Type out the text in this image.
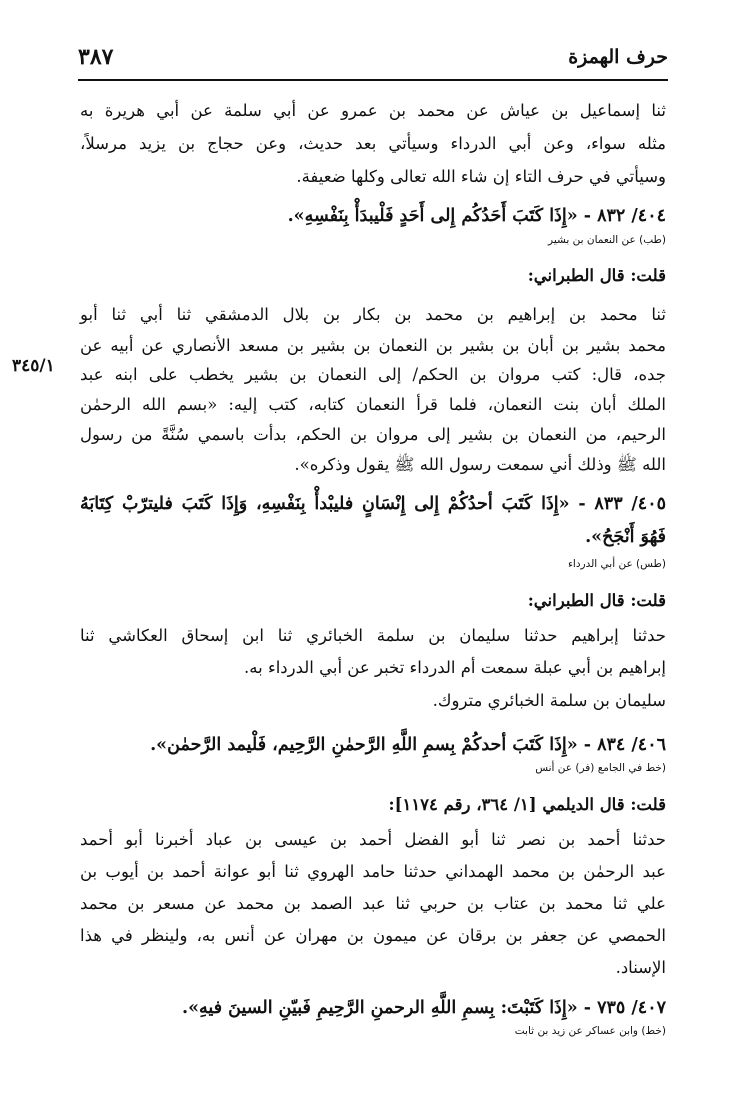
حرف الهمزة
٣٨٧
٣٤٥/١
ثنا إسماعيل بن عياش عن محمد بن عمرو عن أبي سلمة عن أبي هريرة به
مثله سواء، وعن أبي الدرداء وسيأتي بعد حديث، وعن حجاج بن يزيد مرسلاً،
وسيأتي في حرف التاء إن شاء الله تعالى وكلها ضعيفة.
٤٠٤/ ٨٣٢ - «إِذَا كَتَبَ أَحَدُكُم إِلى أَحَدٍ فَلْيبدَأْ بِنَفْسِهِ».
(طب) عن النعمان بن بشير
قلت: قال الطبراني:
ثنا محمد بن إبراهيم بن محمد بن بكار بن بلال الدمشقي ثنا أبي ثنا أبو
محمد بشير بن أبان بن بشير بن النعمان بن بشير بن مسعد الأنصاري عن أبيه عن
جده، قال: كتب مروان بن الحكم/ إلى النعمان بن بشير يخطب على ابنه عبد
الملك أبان بنت النعمان، فلما قرأ النعمان كتابه، كتب إليه: «بسم الله الرحمٰن
الرحيم، من النعمان بن بشير إلى مروان بن الحكم، بدأت باسمي سُنَّةً من رسول
الله ﷺ وذلك أني سمعت رسول الله ﷺ يقول وذكره».
٤٠٥/ ٨٣٣ - «إِذَا كَتَبَ أحدُكُمْ إِلى إِنْسَانٍ فليبْدأْ بِنَفْسِهِ، وَإِذَا كَتَبَ فليترّبْ كِتَابَهُ
فَهُوَ أَنْجَحُ».
(طس) عن أبي الدرداء
قلت: قال الطبراني:
حدثنا إبراهيم حدثنا سليمان بن سلمة الخبائري ثنا ابن إسحاق العكاشي ثنا
إبراهيم بن أبي عبلة سمعت أم الدرداء تخبر عن أبي الدرداء به.
سليمان بن سلمة الخبائري متروك.
٤٠٦/ ٨٣٤ - «إِذَا كَتَبَ أحدكُمْ بِسمِ اللَّهِ الرَّحمٰنِ الرَّحِيم، فَلْيمد الرَّحمٰن».
(خط في الجامع (فر) عن أنس
قلت: قال الديلمي [١/ ٣٦٤، رقم ١١٧٤]:
حدثنا أحمد بن نصر ثنا أبو الفضل أحمد بن عيسى بن عباد أخبرنا أبو أحمد
عبد الرحمٰن بن محمد الهمداني حدثنا حامد الهروي ثنا أبو عوانة أحمد بن أيوب بن
علي ثنا محمد بن عتاب بن حربي ثنا عبد الصمد بن محمد عن مسعر بن محمد
الحمصي عن جعفر بن برقان عن ميمون بن مهران عن أنس به، ولينظر في هذا
الإسناد.
٤٠٧/ ٧٣٥ - «إِذَا كَتَبْتَ: بِسمِ اللَّهِ الرحمنِ الرَّحِيمِ فَبيّنِ السينَ فيهِ».
(خط) وابن عساكر عن زيد بن ثابت
